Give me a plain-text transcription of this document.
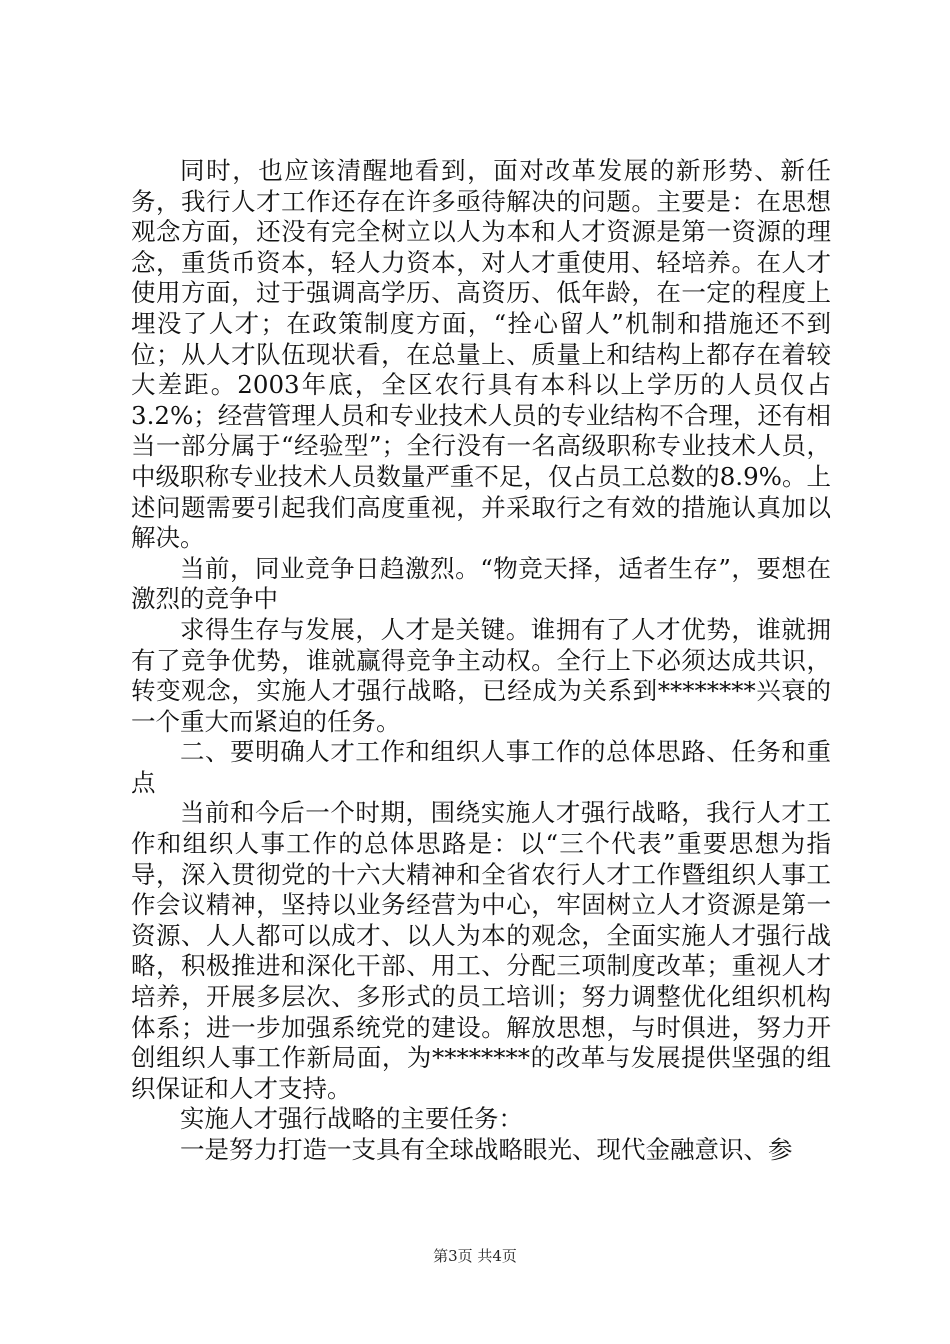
同时，也应该清醒地看到，面对改革发展的新形势、新任务，我行人才工作还存在许多亟待解决的问题。主要是：在思想观念方面，还没有完全树立以人为本和人才资源是第一资源的理念，重货币资本，轻人力资本，对人才重使用、轻培养。在人才使用方面，过于强调高学历、高资历、低年龄，在一定的程度上埋没了人才；在政策制度方面，“拴心留人”机制和措施还不到位；从人才队伍现状看，在总量上、质量上和结构上都存在着较大差距。2003年底，全区农行具有本科以上学历的人员仅占3.2%；经营管理人员和专业技术人员的专业结构不合理，还有相当一部分属于“经验型”；全行没有一名高级职称专业技术人员，中级职称专业技术人员数量严重不足，仅占员工总数的8.9%。上述问题需要引起我们高度重视，并采取行之有效的措施认真加以解决。

当前，同业竞争日趋激烈。“物竞天择，适者生存”，要想在激烈的竞争中

求得生存与发展，人才是关键。谁拥有了人才优势，谁就拥有了竞争优势，谁就赢得竞争主动权。全行上下必须达成共识，转变观念，实施人才强行战略，已经成为关系到********兴衰的一个重大而紧迫的任务。

二、要明确人才工作和组织人事工作的总体思路、任务和重点

当前和今后一个时期，围绕实施人才强行战略，我行人才工作和组织人事工作的总体思路是：以“三个代表”重要思想为指导，深入贯彻党的十六大精神和全省农行人才工作暨组织人事工作会议精神，坚持以业务经营为中心，牢固树立人才资源是第一资源、人人都可以成才、以人为本的观念，全面实施人才强行战略，积极推进和深化干部、用工、分配三项制度改革；重视人才培养，开展多层次、多形式的员工培训；努力调整优化组织机构体系；进一步加强系统党的建设。解放思想，与时俱进，努力开创组织人事工作新局面，为********的改革与发展提供坚强的组织保证和人才支持。

实施人才强行战略的主要任务：

一是努力打造一支具有全球战略眼光、现代金融意识、参

第3页 共4页
